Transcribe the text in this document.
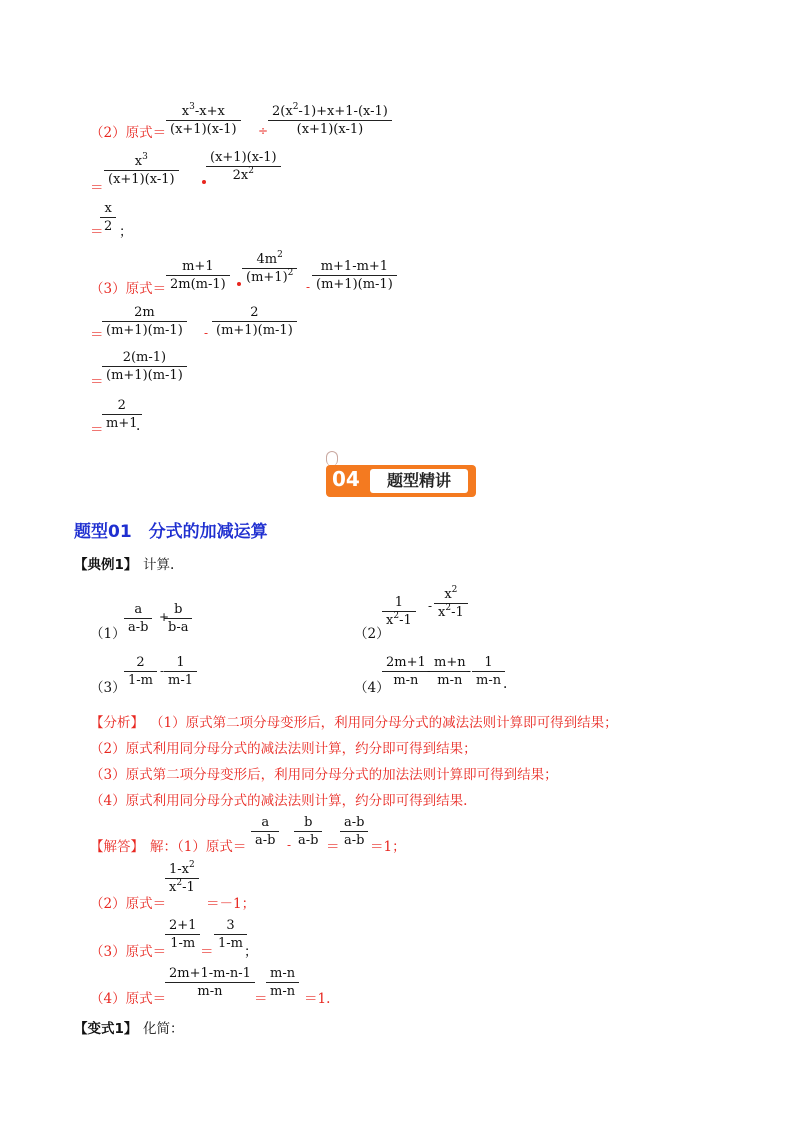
（2）原式＝
$x^3-x+x$
(x+1)(x-1)	÷
$2(x^2-1)+x+1-(x-1)$
(x+1)(x-1)
＝
$x^3$
(x+1)(x-1)
(x+1)(x-1)
$2x^2$
＝
x
2 ；
（3）原式＝
m+1
2m(m-1)
$4m^2$
$(m+1)^2$
-
m+1-m+1
(m+1)(m-1)
＝
2m
(m+1)(m-1)	-
2
(m+1)(m-1)
＝
2(m-1)
(m+1)(m-1)
＝
2
m+1
.
04	题型精讲
题型01　分式的加减运算
【典例1】 计算.
（1）
a
a-b
+ b
b-a	（2）
1
$x^2-1$
-
$x^2$
$x^2-1$
（3）
2
1-m
-
1
m-1	（4）
2m+1
m-n
-
m+n
m-n
-
1
m-n .
【分析】 （1）原式第二项分母变形后，利用同分母分式的减法法则计算即可得到结果；
（2）原式利用同分母分式的减法法则计算，约分即可得到结果；
（3）原式第二项分母变形后，利用同分母分式的加法法则计算即可得到结果；
（4）原式利用同分母分式的减法法则计算，约分即可得到结果.
【解答】 解：（1）原式＝
a
a-b -
b
a-b
a-b
a-b
＝ ＝1；
（2）原式＝
$1-x^2$
$x^2-1$
＝－1；
（3）原式＝
2+1
1-m
＝
3
1-m
；
（4）原式＝
2m+1-m-n-1
m-n ＝
m-n
m-n ＝1.
【变式1】 化简：
